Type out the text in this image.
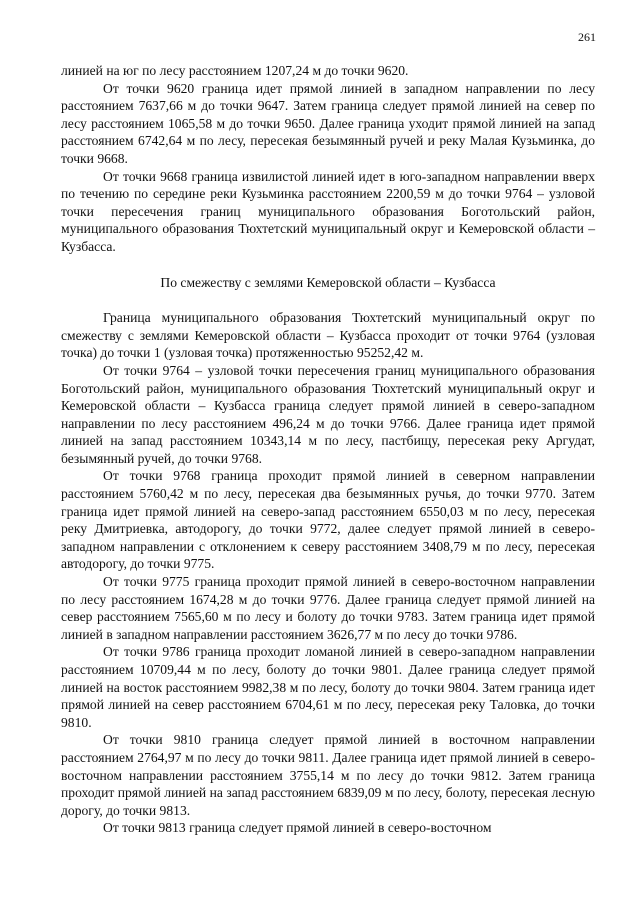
261

линией на юг по лесу расстоянием 1207,24 м до точки 9620.

От точки 9620 граница идет прямой линией в западном направлении по лесу расстоянием 7637,66 м до точки 9647. Затем граница следует прямой линией на север по лесу расстоянием 1065,58 м до точки 9650. Далее граница уходит прямой линией на запад расстоянием 6742,64 м по лесу, пересекая безымянный ручей и реку Малая Кузьминка, до точки 9668.

От точки 9668 граница извилистой линией идет в юго-западном направлении вверх по течению по середине реки Кузьминка расстоянием 2200,59 м до точки 9764 – узловой точки пересечения границ муниципального образования Боготольский район, муниципального образования Тюхтетский муниципальный округ и Кемеровской области – Кузбасса.

По смежеству с землями Кемеровской области – Кузбасса

Граница муниципального образования Тюхтетский муниципальный округ по смежеству с землями Кемеровской области – Кузбасса проходит от точки 9764 (узловая точка) до точки 1 (узловая точка) протяженностью 95252,42 м.

От точки 9764 – узловой точки пересечения границ муниципального образования Боготольский район, муниципального образования Тюхтетский муниципальный округ и Кемеровской области – Кузбасса граница следует прямой линией в северо-западном направлении по лесу расстоянием 496,24 м до точки 9766. Далее граница идет прямой линией на запад расстоянием 10343,14 м по лесу, пастбищу, пересекая реку Аргудат, безымянный ручей, до точки 9768.

От точки 9768 граница проходит прямой линией в северном направлении расстоянием 5760,42 м по лесу, пересекая два безымянных ручья, до точки 9770. Затем граница идет прямой линией на северо-запад расстоянием 6550,03 м по лесу, пересекая реку Дмитриевка, автодорогу, до точки 9772, далее следует прямой линией в северо-западном направлении с отклонением к северу расстоянием 3408,79 м по лесу, пересекая автодорогу, до точки 9775.

От точки 9775 граница проходит прямой линией в северо-восточном направлении по лесу расстоянием 1674,28 м до точки 9776. Далее граница следует прямой линией на север расстоянием 7565,60 м по лесу и болоту до точки 9783. Затем граница идет прямой линией в западном направлении расстоянием 3626,77 м по лесу до точки 9786.

От точки 9786 граница проходит ломаной линией в северо-западном направлении расстоянием 10709,44 м по лесу, болоту до точки 9801. Далее граница следует прямой линией на восток расстоянием 9982,38 м по лесу, болоту до точки 9804. Затем граница идет прямой линией на север расстоянием 6704,61 м по лесу, пересекая реку Таловка, до точки 9810.

От точки 9810 граница следует прямой линией в восточном направлении расстоянием 2764,97 м по лесу до точки 9811. Далее граница идет прямой линией в северо-восточном направлении расстоянием 3755,14 м по лесу до точки 9812. Затем граница проходит прямой линией на запад расстоянием 6839,09 м по лесу, болоту, пересекая лесную дорогу, до точки 9813.

От точки 9813 граница следует прямой линией в северо-восточном
